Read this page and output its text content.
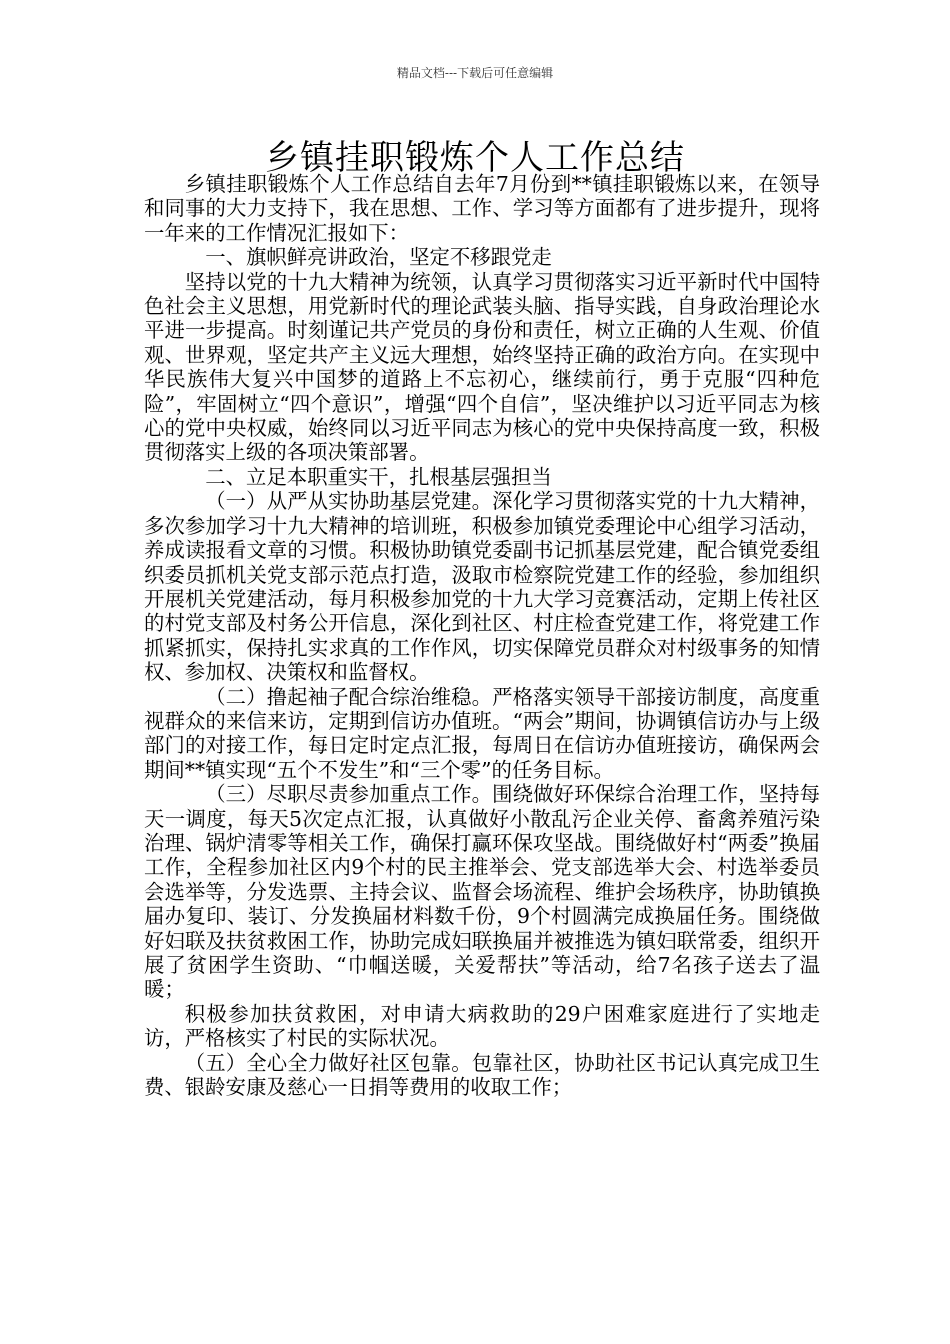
精品文档---下载后可任意编辑
乡镇挂职锻炼个人工作总结

乡镇挂职锻炼个人工作总结自去年7月份到**镇挂职锻炼以来，在领导和同事的大力支持下，我在思想、工作、学习等方面都有了进步提升，现将一年来的工作情况汇报如下：

一、旗帜鲜亮讲政治，坚定不移跟党走

坚持以党的十九大精神为统领，认真学习贯彻落实习近平新时代中国特色社会主义思想，用党新时代的理论武装头脑、指导实践，自身政治理论水平进一步提高。时刻谨记共产党员的身份和责任，树立正确的人生观、价值观、世界观，坚定共产主义远大理想，始终坚持正确的政治方向。在实现中华民族伟大复兴中国梦的道路上不忘初心，继续前行，勇于克服“四种危险”，牢固树立“四个意识”，增强“四个自信”，坚决维护以习近平同志为核心的党中央权威，始终同以习近平同志为核心的党中央保持高度一致，积极贯彻落实上级的各项决策部署。

二、立足本职重实干，扎根基层强担当

（一）从严从实协助基层党建。深化学习贯彻落实党的十九大精神，多次参加学习十九大精神的培训班，积极参加镇党委理论中心组学习活动，养成读报看文章的习惯。积极协助镇党委副书记抓基层党建，配合镇党委组织委员抓机关党支部示范点打造，汲取市检察院党建工作的经验，参加组织开展机关党建活动，每月积极参加党的十九大学习竞赛活动，定期上传社区的村党支部及村务公开信息，深化到社区、村庄检查党建工作，将党建工作抓紧抓实，保持扎实求真的工作作风，切实保障党员群众对村级事务的知情权、参加权、决策权和监督权。

（二）撸起袖子配合综治维稳。严格落实领导干部接访制度，高度重视群众的来信来访，定期到信访办值班。“两会”期间，协调镇信访办与上级部门的对接工作，每日定时定点汇报，每周日在信访办值班接访，确保两会期间**镇实现“五个不发生”和“三个零”的任务目标。

（三）尽职尽责参加重点工作。围绕做好环保综合治理工作，坚持每天一调度，每天5次定点汇报，认真做好小散乱污企业关停、畜禽养殖污染治理、锅炉清零等相关工作，确保打赢环保攻坚战。围绕做好村“两委”换届工作，全程参加社区内9个村的民主推举会、党支部选举大会、村选举委员会选举等，分发选票、主持会议、监督会场流程、维护会场秩序，协助镇换届办复印、装订、分发换届材料数千份，9个村圆满完成换届任务。围绕做好妇联及扶贫救困工作，协助完成妇联换届并被推选为镇妇联常委，组织开展了贫困学生资助、“巾帼送暖，关爱帮扶”等活动，给7名孩子送去了温暖；

积极参加扶贫救困，对申请大病救助的29户困难家庭进行了实地走访，严格核实了村民的实际状况。

（五）全心全力做好社区包靠。包靠社区，协助社区书记认真完成卫生费、银龄安康及慈心一日捐等费用的收取工作；
